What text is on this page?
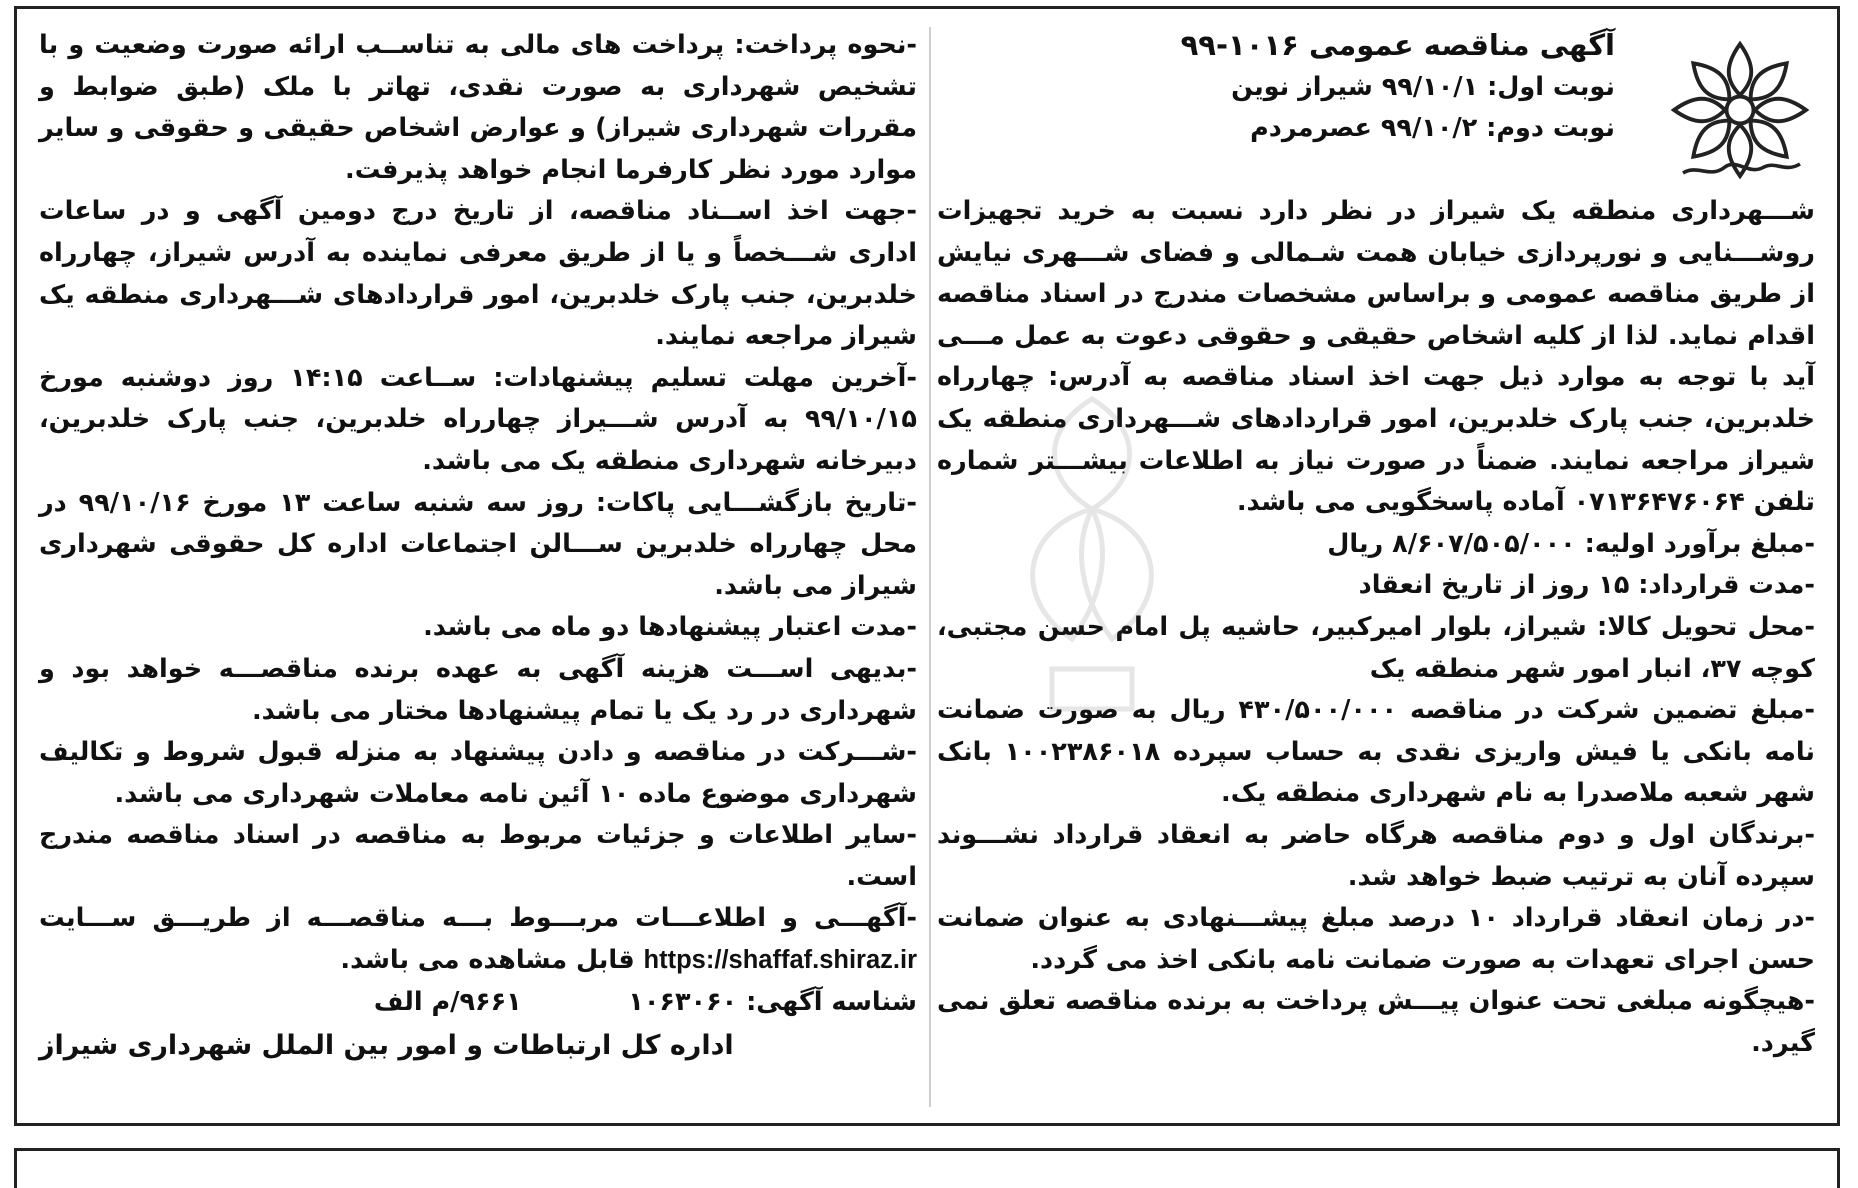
آگهی مناقصه عمومی ۱۰۱۶-۹۹
نوبت اول: ۹۹/۱۰/۱ شیراز نوین
نوبت دوم: ۹۹/۱۰/۲ عصرمردم

شـــهرداری منطقه یک شیراز در نظر دارد نسبت به خرید تجهیزات روشـــنایی و نورپردازی خیابان همت شـمالی و فضای شـــهری نیایش از طریق مناقصه عمومی و براساس مشخصات مندرج در اسناد مناقصه اقدام نماید. لذا از کلیه اشخاص حقیقی و حقوقی دعوت به عمل مـــی آید با توجه به موارد ذیل جهت اخذ اسناد مناقصه به آدرس: چهارراه خلدبرین، جنب پارک خلدبرین، امور قراردادهای شـــهرداری منطقه یک شیراز مراجعه نمایند. ضمناً در صورت نیاز به اطلاعات بیشـــتر شماره تلفن ۰۷۱۳۶۴۷۶۰۶۴ آماده پاسخگویی می باشد.

-مبلغ برآورد اولیه: ۸/۶۰۷/۵۰۵/۰۰۰ ریال

-مدت قرارداد: ۱۵ روز از تاریخ انعقاد

-محل تحویل کالا: شیراز، بلوار امیرکبیر، حاشیه پل امام حسن مجتبی، کوچه ۳۷، انبار امور شهر منطقه یک

-مبلغ تضمین شرکت در مناقصه ۴۳۰/۵۰۰/۰۰۰ ریال به صورت ضمانت نامه بانکی یا فیش واریزی نقدی به حساب سپرده ۱۰۰۲۳۸۶۰۱۸ بانک شهر شعبه ملاصدرا به نام شهرداری منطقه یک.

-برندگان اول و دوم مناقصه هرگاه حاضر به انعقاد قرارداد نشـــوند سپرده آنان به ترتیب ضبط خواهد شد.

-در زمان انعقاد قرارداد ۱۰ درصد مبلغ پیشـــنهادی به عنوان ضمانت حسن اجرای تعهدات به صورت ضمانت نامه بانکی اخذ می گردد.

-هیچگونه مبلغی تحت عنوان پیـــش پرداخت به برنده مناقصه تعلق نمی گیرد.

-نحوه پرداخت: پرداخت های مالی به تناســب ارائه صورت وضعیت و با تشخیص شهرداری به صورت نقدی، تهاتر با ملک (طبق ضوابط و مقررات شهرداری شیراز) و عوارض اشخاص حقیقی و حقوقی و سایر موارد مورد نظر کارفرما انجام خواهد پذیرفت.

-جهت اخذ اســناد مناقصه، از تاریخ درج دومین آگهی و در ساعات اداری شـــخصاً و یا از طریق معرفی نماینده به آدرس شیراز، چهارراه خلدبرین، جنب پارک خلدبرین، امور قراردادهای شـــهرداری منطقه یک شیراز مراجعه نمایند.

-آخرین مهلت تسلیم پیشنهادات: ســاعت ۱۴:۱۵ روز دوشنبه مورخ ۹۹/۱۰/۱۵ به آدرس شـــیراز چهارراه خلدبرین، جنب پارک خلدبرین، دبیرخانه شهرداری منطقه یک می باشد.

-تاریخ بازگشـــایی پاکات: روز سه شنبه ساعت ۱۳ مورخ ۹۹/۱۰/۱۶ در محل چهارراه خلدبرین ســـالن اجتماعات اداره کل حقوقی شهرداری شیراز می باشد.

-مدت اعتبار پیشنهادها دو ماه می باشد.

-بدیهی اســـت هزینه آگهی به عهده برنده مناقصـــه خواهد بود و شهرداری در رد یک یا تمام پیشنهادها مختار می باشد.

-شـــرکت در مناقصه و دادن پیشنهاد به منزله قبول شروط و تکالیف شهرداری موضوع ماده ۱۰ آئین نامه معاملات شهرداری می باشد.

-سایر اطلاعات و جزئیات مربوط به مناقصه در اسناد مناقصه مندرج است.

-آگهـــی و اطلاعـــات مربـــوط بـــه مناقصـــه از طریـــق ســـایت https://shaffaf.shiraz.ir قابل مشاهده می باشد.

شناسه آگهی: ۱۰۶۳۰۶۰            ۹۶۶۱/م الف

اداره کل ارتباطات و امور بین الملل شهرداری شیراز
